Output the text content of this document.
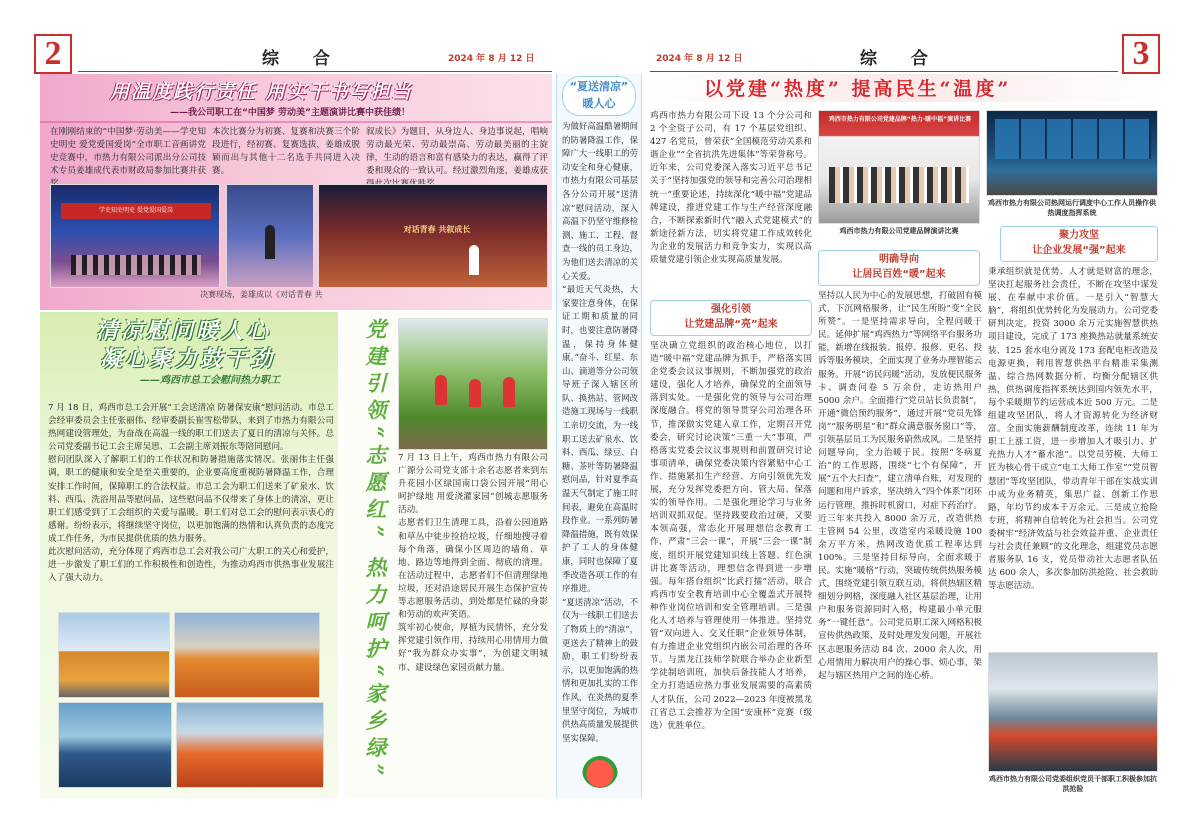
2	综 合	2024 年 8 月 12 日	2024 年 8 月 12 日	综 合	3
用温度践行责任 用实干书写担当
——我公司职工在“中国梦 劳动美”主题演讲比赛中获佳绩！
在刚刚结束的“中国梦·劳动美——学史知史明史 爱党爱国爱岗”全市职工音画讲党史竞赛中，市热力有限公司派出分公司技术专员姜雄成代表市财政局参加比赛并获
本次比赛分为初赛、复赛和决赛三个阶段进行，经初赛、复赛选拔，姜雄成脱颖而出与其他十二名选手共同进入决赛。
叙成长》为题目，从身边人、身边事说起，唱响劳动最光荣、劳动最崇高、劳动最美丽的主旋律，生动的语言和富有感染力的表达，赢得了评委和现众的一致认可。经过激烈角逐，姜雄成获
学史知史明史 爱党爱国爱岗
对话青春 共叙成长
决赛现场，姜雄成以《对话青春 共
清凉慰问暖人心
凝心聚力鼓干劲
——鸡西市总工会慰问热力职工
7 月 18 日，鸡西市总工会开展“工会送清凉 防暑保安康”慰问活动。市总工会经审委员会主任张丽伟、经审委副长崔雪松带队，来到了市热力有限公司热网建设管理处，为奋战在高温一线的职工们送去了夏日的清凉与关怀。总公司党委副书记工会主席吴思、工会副主席刘振东等陪同慰问。
慰问团队深入了解职工们的工作状况和防暑措施落实情况。张丽伟主任强调，职工的健康和安全是至关重要的，企业要高度重视防暑降温工作，合理安排工作时间，保障职工的合法权益。市总工会为职工们送来了矿泉水、饮料、西瓜、洗浴用品等慰问品，这些慰问品不仅带来了身体上的清凉，更让职工们感受到了工会组织的关爱与温暖。职工们对总工会的慰问表示衷心的感谢。纷纷表示，将继续坚守岗位，以更加饱满的热情和认真负责的态度完成工作任务，为市民提供优质的热力服务。
此次慰问活动，充分体现了鸡西市总工会对我公司广大职工的关心和爱护，进一步激发了职工们的工作积极性和创造性，为推动鸡西市供热事业发展注入了强大动力。	党建引领“志愿红” 热力呵护“家乡绿” 7 月 13 日上午，鸡西市热力有限公司广源分公司党支部十余名志愿者来到东升花园小区绿国南口袋公园开展“用心呵护绿地 用爱浇灌家园”创城志愿服务活动。
志愿者们卫生清理工具，沿着公园道路和草丛中徒步捡拾垃圾，仔细地搜寻着每个角落，确保小区周边的墙角、草地、路边等地得到全面、彻底的清理。在活动过程中，志愿者们不但清理绿地垃圾，还对沿途居民开展生态保护宣传等志愿服务活动，到处都是忙碌的身影和劳动的欢声笑语。
筑牢初心使命，厚植为民情怀，充分发挥党建引领作用，持续用心用情用力做好“我为群众办实事”，为创建文明城市、建设绿色家园贡献力量。
“夏送清凉”
暖人心
为做好高温酷暑期间的防暑降温工作，保障广大一线职工的劳动安全和身心健康，市热力有限公司基层各分公司开展“送清凉”慰问活动，深入高温下仍坚守维修检测、施工、工程、督查一线的员工身边，为他们送去清凉的关心关爱。
“最近天气炎热，大家要注意身体，在保证工期和质量的同时，也要注意防暑降温，保持身体健康。”奋斗、红星、东山、滴道等分公司领导班子深入辖区所队、换热站、管网改造施工现场与一线职工亲切交流，为一线职工送去矿泉水、饮料、西瓜、绿豆、白糖、茶叶等防暑降温慰问品，针对夏季高温天气制定了施工时间表，避免在高温时段作业。一系列防暑降温措施，既有效保护了工人的身体健康，同时也保障了夏季改造各项工作的有序推进。
“夏送清凉”活动，不仅为一线职工们送去了物质上的“清凉”，更送去了精神上的鼓励，职工们纷纷表示，以更加饱满的热情和更加扎实的工作作风，在炎热的夏季里坚守岗位，为城市供热高质量发展提供坚实保障。
以党建“热度” 提高民生“温度”
鸡西市热力有限公司下设 13 个分公司和 2 个全资子公司，有 17 个基层党组织、427 名党员，曾荣获“全国模范劳动关系和谐企业”“全省抗洪先进集体”等荣誉称号。近年来，公司党委深入落实习近平总书记关于“坚持加强党的领导和完善公司治理相统一”重要论述，持续深化“暖中福”党建品牌建设，推进党建工作与生产经营深度融合，不断探索新时代“融入式党建模式”的新途径新方法，切实将党建工作成效转化为企业的发展活力和竞争实力，实现以高质量党建引领企业实现高质量发展。
鸡西市热力有限公司党建品牌“热力·暖中福”演讲比赛
鸡西市热力有限公司党建品牌演讲比赛
鸡西市热力有限公司热网运行调度中心工作人员操作供热调度指挥系统
明确导向
让居民百姓“暖”起来
聚力攻坚
让企业发展“强”起来
强化引领
让党建品牌“亮”起来
坚决确立党组织的政治核心地位，以打造“暖中福”党建品牌为抓手，严格落实国企党委会议议事规则，不断加强党的政治建设，强化人才培养，确保党的全面领导落到实处。一是强化党的领导与公司治理深度融合。将党的领导贯穿公司治理各环节，推深做实党建入章工作，定期召开党委会，研究讨论决策“三重一大”事项，严格落实党委会议议事规则和前置研究讨论事项清单，确保党委决策内容紧贴中心工作、措施紧扣生产经营、方向引领优先发展，充分发挥党委把方向、管大局、保落实的领导作用。二是强化理论学习与业务培训双抓双促。坚持践要政治过硬，又要本领高强，常态化开展理想信念教育工作，严肃“三会一课”，开展“三会一课”制度，组织开展党建知识线上答题、红色演讲比赛等活动，理想信念得到进一步增强。每年搭台组织“比武打擂”活动，联合鸡西市安全教育培训中心全覆盖式开展特种作业岗位培训和安全管理培训。三是强化人才培养与管理使用一体推进。坚持党管“双向进入、交叉任职”企业领导体制，有力推进企业党组织内嵌公司治理的各环节。与黑龙江技师学院联合举办企业新型学徒制培训班，加快后备技能人才培养，全力打造适应热力事业发展需要的高素质人才队伍，公司 2022—2023 年度被黑龙江省总工会推荐为全国“安康杯”竞赛（级选）优胜单位。
坚持以人民为中心的发展思想，打破固有模式，下沉网格服务，让“民生所盼”变“全民所赞”。一是坚持需求导向，全程问暖于民。延伸扩展“鸡西热力”等网络平台服务功能，新增在线报装、报停、报修、更名、投诉等服务模块，全面实现了业务办理智能云服务。开展“访民问暖”活动，发放便民服务卡、调查问卷 5 万余份，走访热用户 5000 余户。全面推行“党员站长负责制”，开通“微信预约服务”，通过开展“党员先锋岗”“服务明星”和“群众满意服务窗口”等，引领基层员工为民服务蔚然成风。二是坚持问题导向，全力治暖于民。按照“冬病夏治”的工作思路，围绕“七个有保障”，开展“五个大扫查”，建立清单台账，对发现的问题和用户诉求，坚决纳入“四个体系”闭环运行管理，推拆时机窗口，对症下药治疗。近三年来共投入 8000 余万元，改造供热主管网 54 公里，改造室内采暖设施 100 余万平方米，热网改造优质工程率达到 100%。三是坚持目标导向，全面求暖于民。实施“暖格”行动，突破传统供热服务模式，围绕党建引领互联互动，将供热辖区精细划分网格，深度融入社区基层治理，让用户和服务资源同时入格，构建最小单元服务“一键任意”。公司党员职工深入网格积极宣传供热政策、及时处理发发问题，开展社区志愿服务活动 84 次、2000 余人次，用心用情用力解决用户的操心事、烦心事，架起与辖区热用户之间的连心桥。
秉承组织就是优势、人才就是财富的理念，坚决扛起服务社会责任，不断在攻坚中谋发展、在奉献中求价值。一是引入“智慧大脑”，将组织优势转化为发展动力。公司党委研判决定，投资 3000 余万元实施智慧供热项目建设，完成了 173 座换热站就量系统安装、125 套水电分离及 173 套配电柜改造及电源更换，利用智慧供热平台精准采集测温、综合热网数据分析、均衡分配辖区供热，供热调度指挥系统达到国内领先水平，每个采暖期节约运营成本近 500 万元。二是组建攻坚团队，将人才资源转化为经济财富。全面实施薪酬制度改革，连续 11 年为职工上涨工资，进一步增加人才吸引力、扩充热力人才“蓄水池”。以党员劳模、大师工匠为核心骨干成立“电工大师工作室”“党员智慧团”等攻坚团队，带动青年干部在实战实训中成为业务精英，集思广益、创新工作思路，年均节约成本千万余元。三是成立抢险专班，将精神自信转化为社会担当。公司党委树牢“经济效益与社会效益并重、企业责任与社会责任兼顾”的文化理念，组建党员志愿者服务队 16 支，党员带动社大志愿者队伍达 600 余人，多次参加防洪抢险、社会救助等志愿活动。
鸡西市热力有限公司党委组织党员干部职工积极参加抗洪抢险
